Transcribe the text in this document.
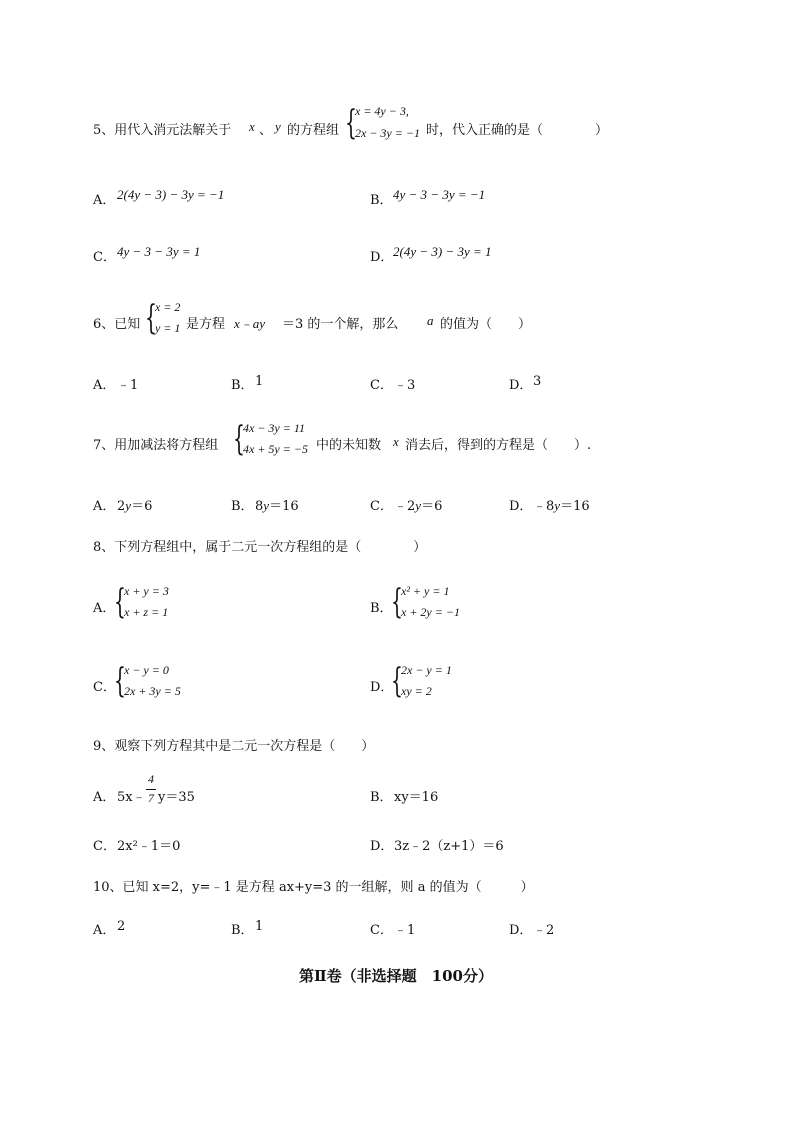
5、用代入消元法解关于 x 、 y 的方程组 {
x = 4y − 3,
2x − 3y = −1 时，代入正确的是（　　　　）
A． 2(4y − 3) − 3y = −1	B． 4y − 3 − 3y = −1
C． 4y − 3 − 3y = 1	D． 2(4y − 3) − 3y = 1
6、已知 {
x = 2
y = 1 是方程 x﹣ay ＝3 的一个解，那么 a 的值为（　　）
A． ﹣1	B． 1	C． ﹣3	D． 3
7、用加减法将方程组 {
4x − 3y = 11
4x + 5y = −5 中的未知数 x 消去后，得到的方程是（　　）.
A． 2y＝6	B． 8y＝16	C． ﹣2y＝6	D． ﹣8y＝16
8、下列方程组中，属于二元一次方程组的是（　　　　）
A．
{
x + y = 3
x + z = 1	B．
{
x² + y = 1
x + 2y = −1
C．
{
x − y = 0
2x + 3y = 5	D．
{
2x − y = 1
xy = 2
9、观察下列方程其中是二元一次方程是（　　）
A． 5x﹣
4
7 y＝35	B． xy＝16
C． 2x²﹣1＝0	D． 3z﹣2（z+1）＝6
10、已知 x=2，y=﹣1 是方程 ax+y=3 的一组解，则 a 的值为（　　　）
A． 2	B． 1	C． ﹣1	D． ﹣2
第Ⅱ卷（非选择题　100分）
